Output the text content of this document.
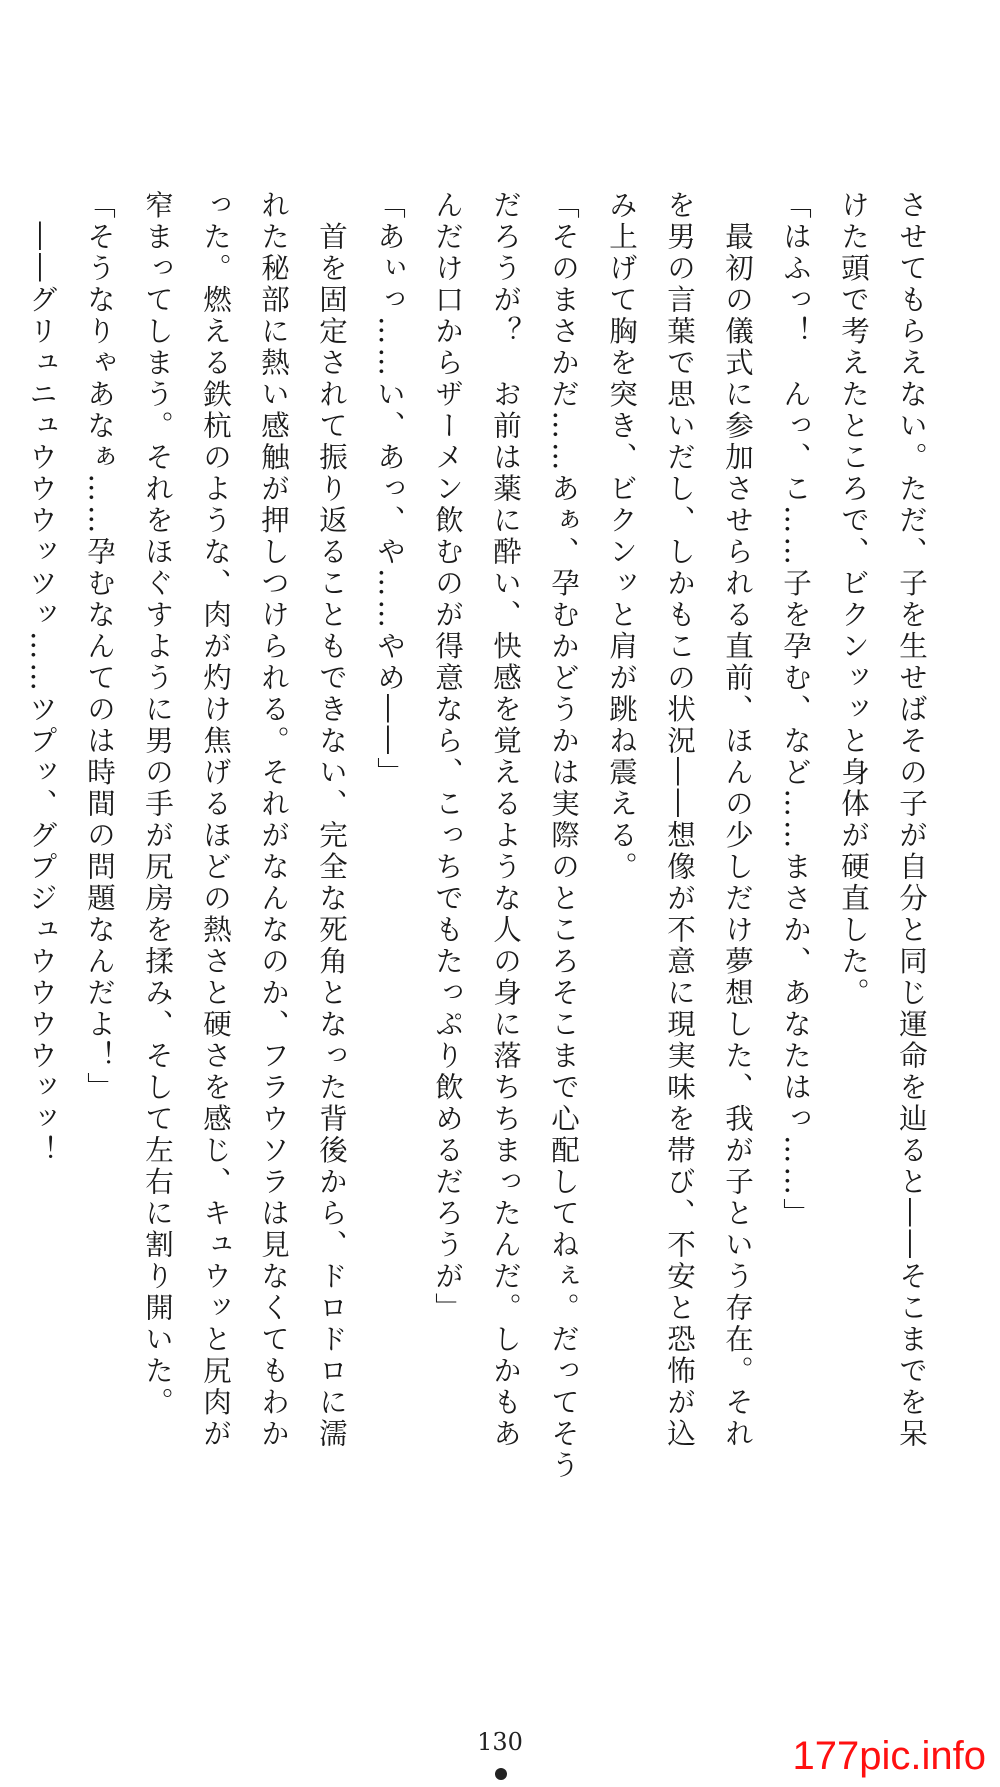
させてもらえない。ただ、子を生せばその子が自分と同じ運命を辿ると――そこまでを呆
けた頭で考えたところで、ビクンッッと身体が硬直した。
「はふっ！　んっ、こ……子を孕む、など……まさか、あなたはっ……」
　最初の儀式に参加させられる直前、ほんの少しだけ夢想した、我が子という存在。それ
を男の言葉で思いだし、しかもこの状況――想像が不意に現実味を帯び、不安と恐怖が込
み上げて胸を突き、ビクンッと肩が跳ね震える。
「そのまさかだ……あぁ、孕むかどうかは実際のところそこまで心配してねぇ。だってそう
だろうが？　お前は薬に酔い、快感を覚えるような人の身に落ちちまったんだ。しかもあ
んだけ口からザーメン飲むのが得意なら、こっちでもたっぷり飲めるだろうが」
「あぃっ……い、あっ、や……やめ――」
　首を固定されて振り返ることもできない、完全な死角となった背後から、ドロドロに濡
れた秘部に熱い感触が押しつけられる。それがなんなのか、フラウソラは見なくてもわか
った。燃える鉄杭のような、肉が灼け焦げるほどの熱さと硬さを感じ、キュウッと尻肉が
窄まってしまう。それをほぐすように男の手が尻房を揉み、そして左右に割り開いた。
「そうなりゃあなぁ……孕むなんてのは時間の問題なんだよ！」
　――グリュニュウウウッツッ……ツプッ、グプジュウウウウッッ！
130	177pic.info
